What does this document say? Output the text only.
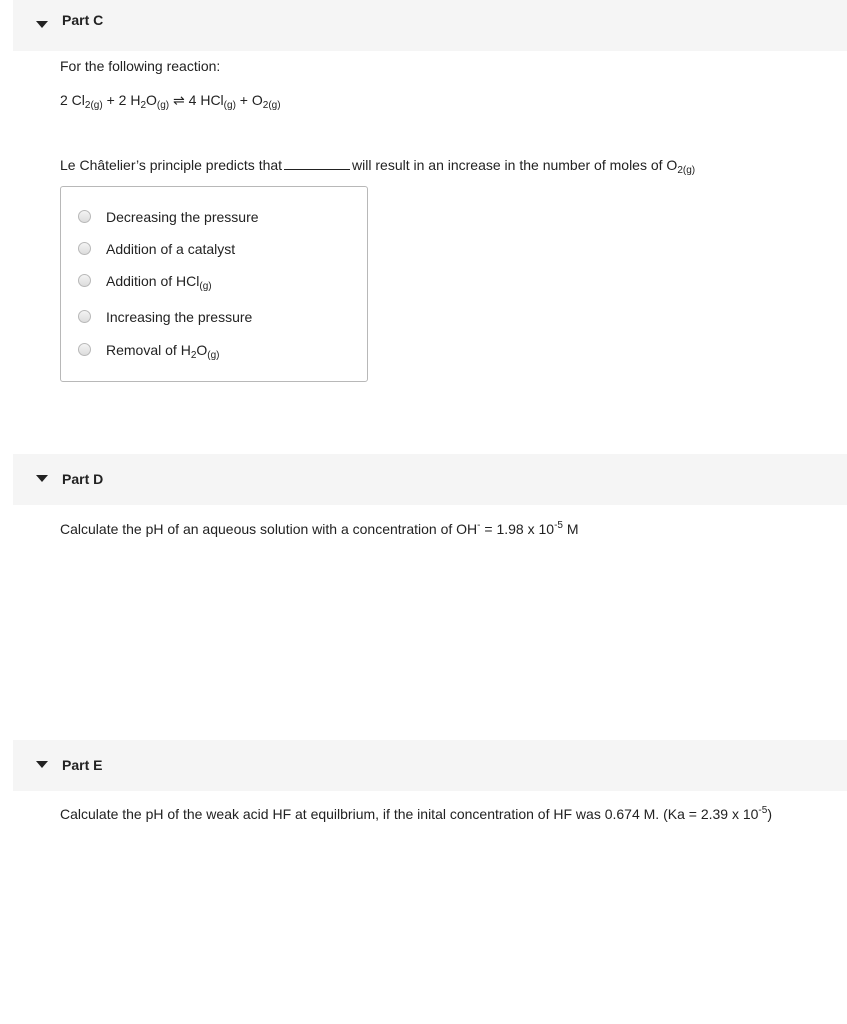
Part C
For the following reaction:
2 $Cl_{2(g)} + 2$ $H_2O_{(g)}$ ⇌ 4 $HCl_{(g)} + O_{2(g)}$
Le Châtelier’s principle predicts that	will result in an increase in the number of moles of $O_{2(g)}$
Decreasing the pressure
Addition of a catalyst
Addition of HCl$_{(g)}$
Increasing the pressure
Removal of $H_2O_{(g)}$
Part D
Calculate the pH of an aqueous solution with a concentration of OH- = 1.98 x $10^{-5}$ M
Part E
Calculate the pH of the weak acid HF at equilbrium, if the inital concentration of HF was 0.674 M. (Ka = 2.39 x $10^{-5}$)
